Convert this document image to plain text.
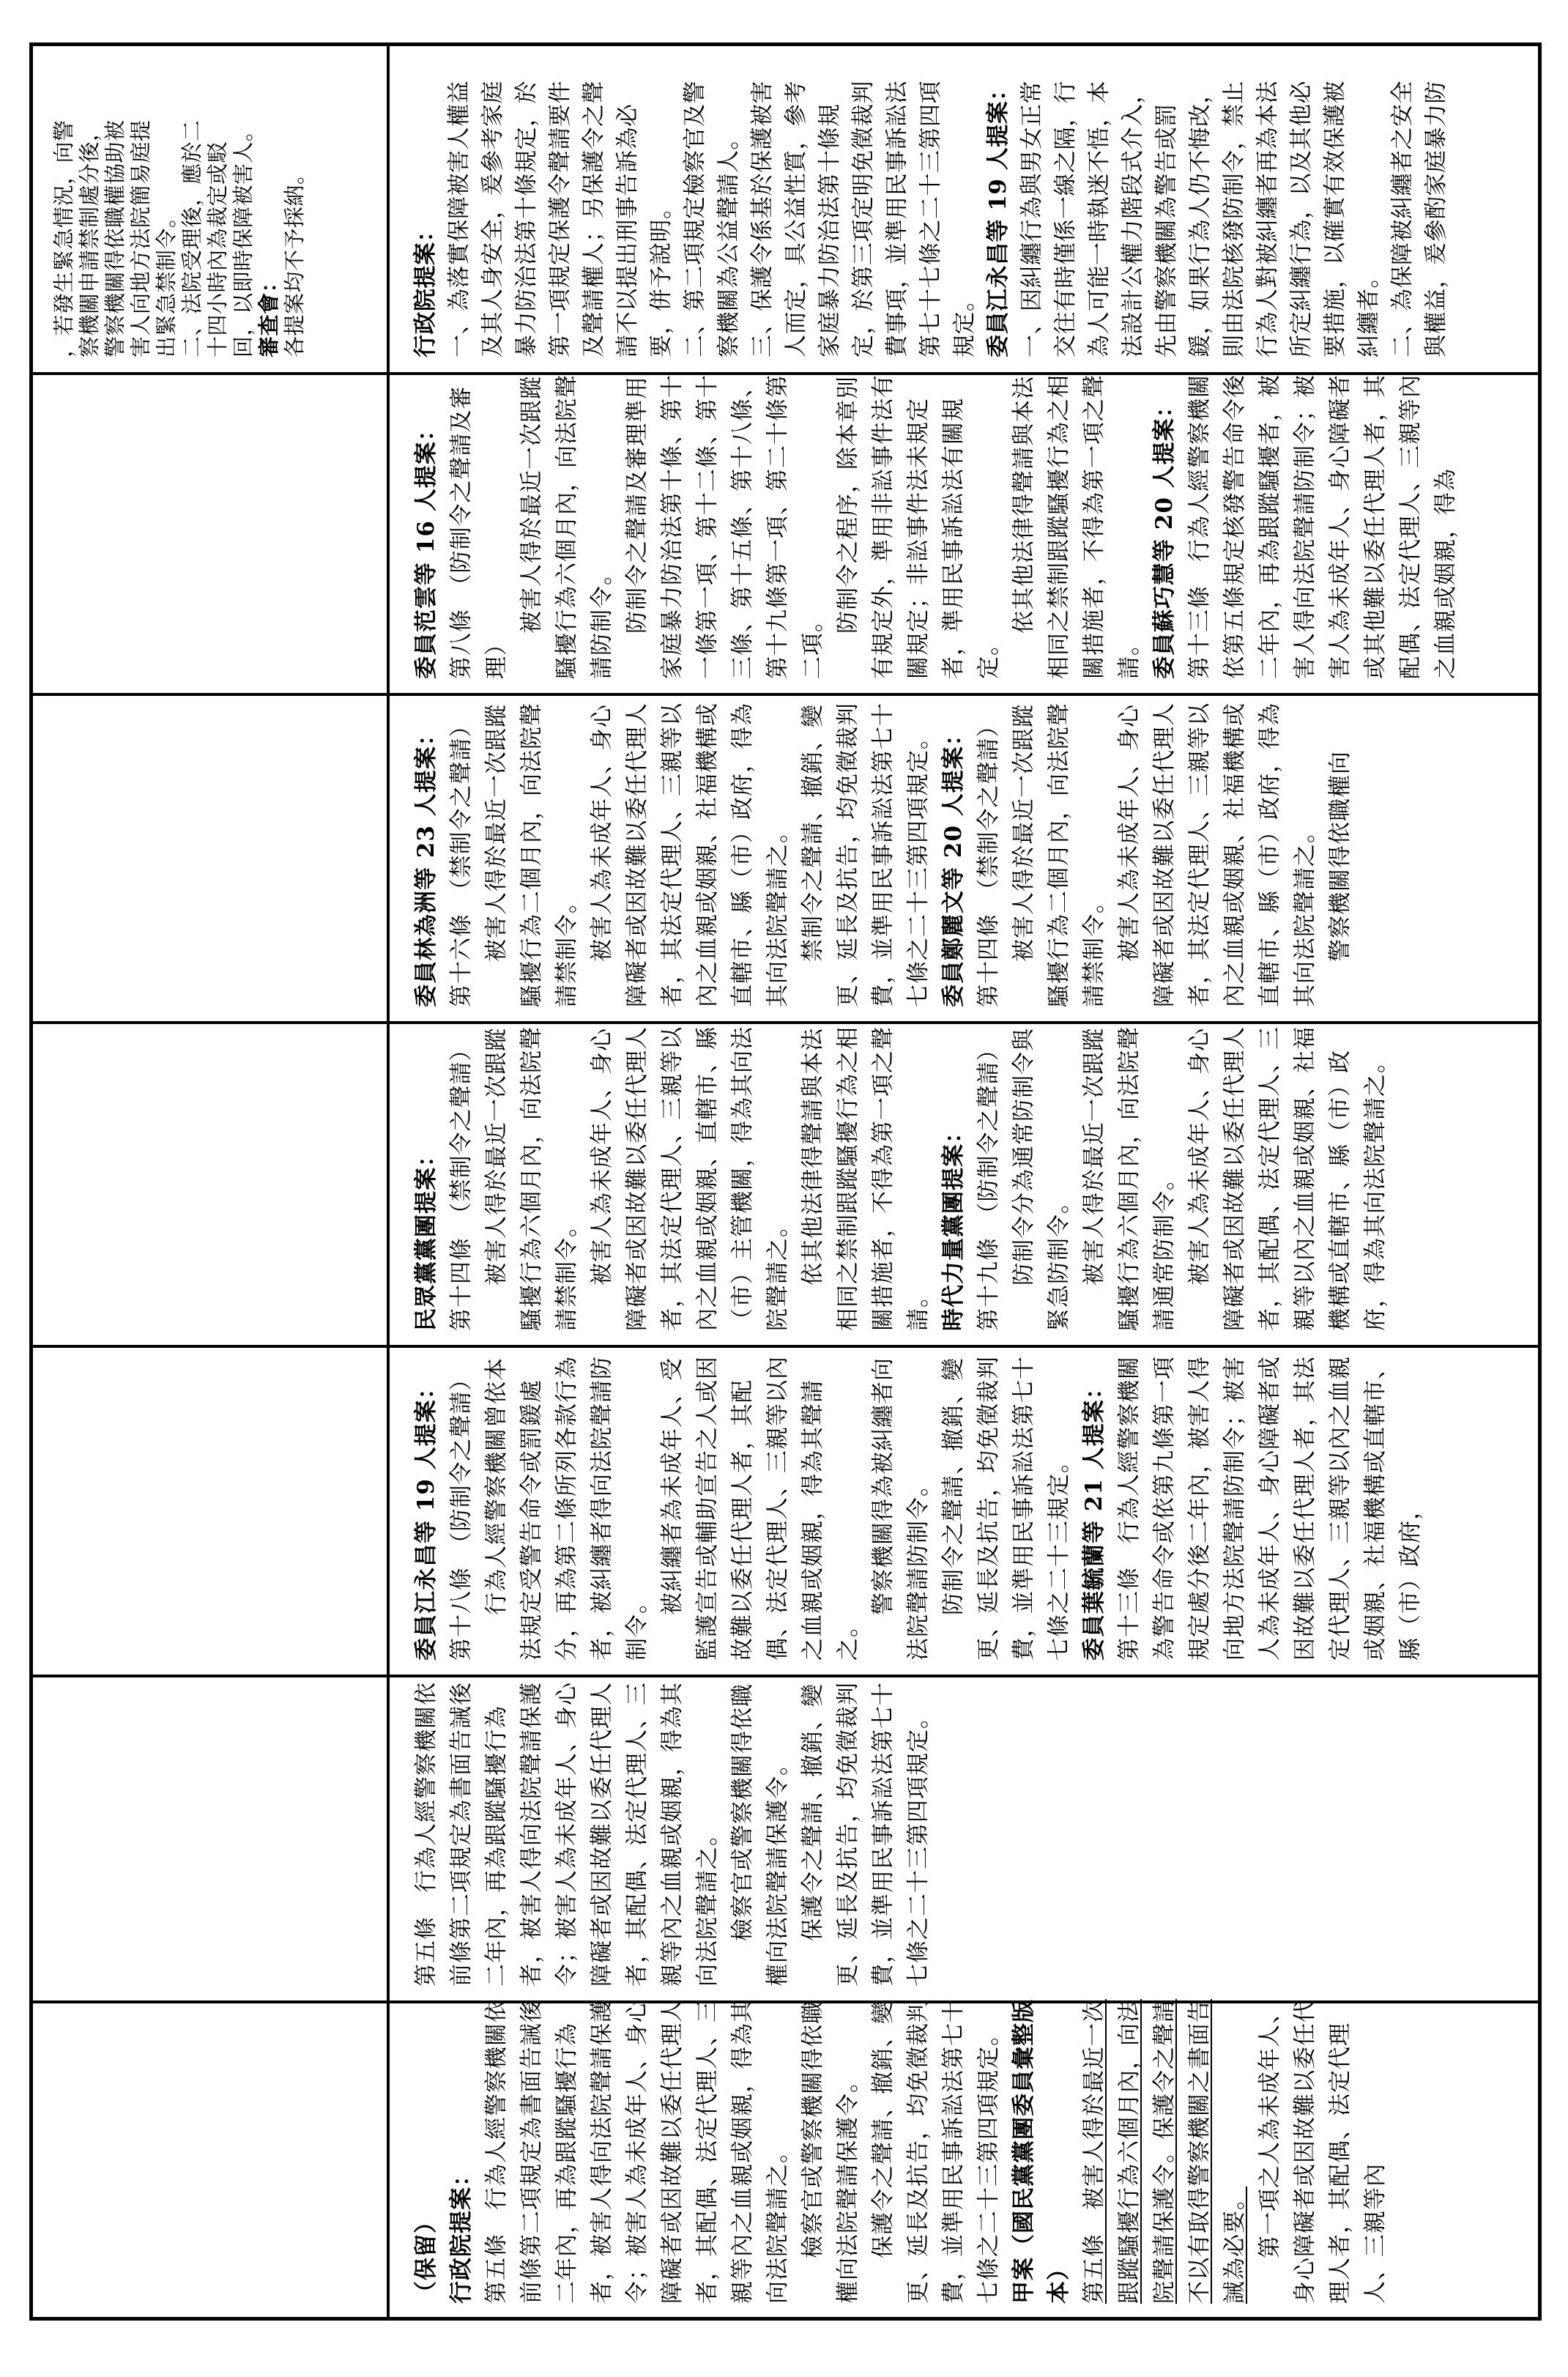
（保留） 行政院提案： 第五條　行為人經警察機關依前條第二項規定為書面告誡後二年內，再為跟蹤騷擾行為者，被害人得向法院聲請保護令；被害人為未成年人、身心障礙者或因故難以委任代理人者，其配偶、法定代理人、三親等內之血親或姻親，得為其向法院聲請之。 檢察官或警察機關得依職權向法院聲請保護令。 保護令之聲請、撤銷、變更、延長及抗告，均免徵裁判費，並準用民事訴訟法第七十七條之二十三第四項規定。 甲案（國民黨黨團委員彙整版本） 第五條　被害人得於最近一次跟蹤騷擾行為六個月內，向法院聲請保護令。保護令之聲請不以有取得警察機關之書面告誡為必要。 第一項之人為未成年人、身心障礙者或因故難以委任代理人者，其配偶、法定代理人、三親等內

第五條　行為人經警察機關依前條第二項規定為書面告誡後二年內，再為跟蹤騷擾行為者，被害人得向法院聲請保護令；被害人為未成年人、身心障礙者或因故難以委任代理人者，其配偶、法定代理人、三親等內之血親或姻親，得為其向法院聲請之。 檢察官或警察機關得依職權向法院聲請保護令。 保護令之聲請、撤銷、變更、延長及抗告，均免徵裁判費，並準用民事訴訟法第七十七條之二十三第四項規定。

委員江永昌等 19 人提案： 第十八條　（防制令之聲請） 行為人經警察機關曾依本法規定受警告命令或罰鍰處分，再為第二條所列各款行為者，被糾纏者得向法院聲請防制令。

被糾纏者為未成年人、受監護宣告或輔助宣告之人或因故難以委任代理人者，其配偶、法定代理人、三親等以內之血親或姻親，得為其聲請之。

警察機關得為被糾纏者向法院聲請防制令。 防制令之聲請、撤銷、變更、延長及抗告，均免徵裁判費，並準用民事訴訟法第七十七條之二十三規定。 委員葉毓蘭等 21 人提案： 第十三條　行為人經警察機關為警告命令或依第九條第一項規定處分後二年內，被害人得向地方法院聲請防制令；被害人為未成年人、身心障礙者或因故難以委任代理人者，其法定代理人、三親等以內之血親或姻親、社福機構或直轄市、縣（市）政府，

民眾黨黨團提案： 第十四條　（禁制令之聲請） 被害人得於最近一次跟蹤騷擾行為六個月內，向法院聲請禁制令。 被害人為未成年人、身心障礙者或因故難以委任代理人者，其法定代理人、三親等以內之血親或姻親、直轄市、縣（市）主管機關，得為其向法院聲請之。 依其他法律得聲請與本法相同之禁制跟蹤騷擾行為之相關措施者，不得為第一項之聲請。 時代力量黨團提案： 第十九條　（防制令之聲請） 防制令分為通常防制令與緊急防制令。 被害人得於最近一次跟蹤騷擾行為六個月內，向法院聲請通常防制令。 被害人為未成年人、身心障礙者或因故難以委任代理人者，其配偶、法定代理人、三親等以內之血親或姻親、社福機構或直轄市、縣（市）政府，得為其向法院聲請之。

委員林為洲等 23 人提案： 第十六條　（禁制令之聲請） 被害人得於最近一次跟蹤騷擾行為二個月內，向法院聲請禁制令。 被害人為未成年人、身心障礙者或因故難以委任代理人者，其法定代理人、三親等以內之血親或姻親、社福機構或直轄市、縣（市）政府，得為其向法院聲請之。 禁制令之聲請、撤銷、變更、延長及抗告，均免徵裁判費，並準用民事訴訟法第七十七條之二十三第四項規定。 委員鄭麗文等 20 人提案： 第十四條　（禁制令之聲請） 被害人得於最近一次跟蹤騷擾行為二個月內，向法院聲請禁制令。 被害人為未成年人、身心障礙者或因故難以委任代理人者，其法定代理人、三親等以內之血親或姻親、社福機構或直轄市、縣（市）政府，得為其向法院聲請之。 警察機關得依職權向

委員范雲等 16 人提案： 第八條　（防制令之聲請及審理）

被害人得於最近一次跟蹤騷擾行為六個月內，向法院聲請防制令。 防制令之聲請及審理準用家庭暴力防治法第十條、第十一條第一項、第十二條、第十三條、第十五條、第十八條、第十九條第一項、第二十條第二項。

防制令之程序，除本章別有規定外，準用非訟事件法有關規定；非訟事件法未規定者，準用民事訴訟法有關規定。

依其他法律得聲請與本法相同之禁制跟蹤騷擾行為之相關措施者，不得為第一項之聲請。 委員蘇巧慧等 20 人提案： 第十三條　行為人經警察機關依第五條規定核發警告命令後二年內，再為跟蹤騷擾者，被害人得向法院聲請防制令；被害人為未成年人、身心障礙者或其他難以委任代理人者，其配偶、法定代理人、三親等內之血親或姻親，得為

，若發生緊急情況，向警察機關申請禁制處分後，警察機關得依職權協助被害人向地方法院簡易庭提出緊急禁制令。 二、法院受理後，應於二十四小時內為裁定或駁回，以即時保障被害人。 審查會： 各提案均不予採納。	行政院提案： 一、為落實保障被害人權益及其人身安全，爰參考家庭暴力防治法第十條規定，於第一項規定保護令聲請要件及聲請權人；另保護令之聲請不以提出刑事告訴為必要，併予說明。 二、第二項規定檢察官及警察機關為公益聲請人。 三、保護令係基於保護被害人而定，具公益性質，參考家庭暴力防治法第十條規定，於第三項定明免徵裁判費事項，並準用民事訴訟法第七十七條之二十三第四項規定。 委員江永昌等 19 人提案： 一、因糾纏行為與男女正常交往有時僅係一線之隔，行為人可能一時執迷不悟，本法設計公權力階段式介入，先由警察機關為警告或罰鍰，如果行為人仍不悔改，則由法院核發防制令，禁止行為人對被糾纏者再為本法所定糾纏行為，以及其他必要措施，以確實有效保護被糾纏者。 二、為保障被糾纏者之安全與權益，爰參酌家庭暴力防
